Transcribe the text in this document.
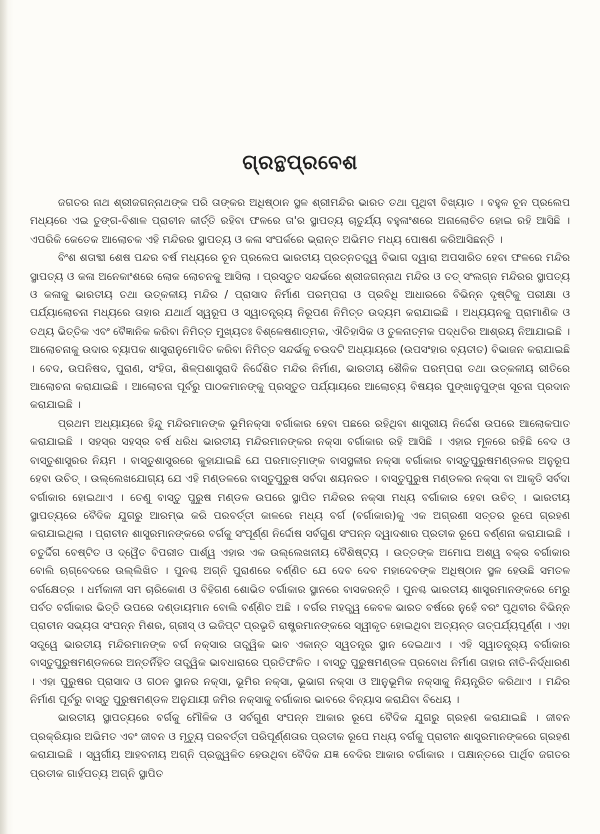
ଗ୍ରନ୍ଥପ୍ରବେଶ

ଜଗତର ନାଥ ଶ୍ରୀଜଗନ୍ନାଥଙ୍କ ପରି ତାଙ୍କର ଅଧିଷ୍ଠାନ ସ୍ଥଳ ଶ୍ରୀମନ୍ଦିର ଭାରତ ତଥା ପୃଥିବୀ ବିଖ୍ୟାତ । ବହୁଳ ଚୂନ ପ୍ରଲେପ ମଧ୍ୟରେ ଏଇ ତୁଙ୍ଗ-ବିଶାଳ ପ୍ରାଚୀନ କୀର୍ତ୍ତି ରହିବା ଫଳରେ ତା'ର ସ୍ଥାପତ୍ୟ ଚାତୁର୍ଯ୍ୟ ବହୁଳାଂଶରେ ଅନାଲୋଚିତ ହୋଇ ରହି ଆସିଛି । ଏପରିକି କେତେକ ଆଲୋଚକ ଏହି ମନ୍ଦିରର ସ୍ଥାପତ୍ୟ ଓ କଳା ସଂପର୍କରେ ଭ୍ରାନ୍ତ ଅଭିମତ ମଧ୍ୟ ପୋଷଣ କରିଆସିଛନ୍ତି ।

ବିଂଶ ଶତାବ୍ଦୀ ଶେଷ ପନ୍ଦର ବର୍ଷ ମଧ୍ୟରେ ଚୂନ ପ୍ରଲେପ ଭାରତୀୟ ପ୍ରତ୍ନତତ୍ତ୍ୱ ବିଭାଗ ଦ୍ୱାରା ଅପସାରିତ ହେବା ଫଳରେ ମନ୍ଦିର ସ୍ଥାପତ୍ୟ ଓ କଳା ଅନେକାଂଶରେ ଲୋକ ଲୋଚନକୁ ଆସିଲା । ପ୍ରସ୍ତୁତ ସନ୍ଦର୍ଭରେ ଶ୍ରୀଜଗନ୍ନାଥ ମନ୍ଦିର ଓ ତତ୍ ସଂଲଗ୍ନ ମନ୍ଦିରର ସ୍ଥାପତ୍ୟ ଓ କଳାକୁ ଭାରତୀୟ ତଥା ଉତ୍କଳୀୟ ମନ୍ଦିର / ପ୍ରାସାଦ ନିର୍ମାଣ ପରମ୍ପରା ଓ ପ୍ରବିଧି ଆଧାରରେ ବିଭିନ୍ନ ଦୃଷ୍ଟିକୁ ପରୀକ୍ଷା ଓ ପର୍ଯ୍ୟାଲୋଚନା ମଧ୍ୟରେ ତାହାର ଯଥାର୍ଥ ସ୍ୱରୂପ ଓ ସ୍ୱାତନ୍ତ୍ର୍ୟ ନିରୂପଣ ନିମିତ୍ତ ଉଦ୍ୟମ କରାଯାଇଛି । ଅଧ୍ୟୟନକୁ ପ୍ରାମାଣିକ ଓ ତଥ୍ୟ ଭିତ୍ତିକ ଏବଂ ବୈଜ୍ଞାନିକ କରିବା ନିମିତ୍ତ ମୁଖ୍ୟତଃ ବିଶ୍ଳେଷଣାତ୍ମକ, ଐତିହାସିକ ଓ ତୁଳନାତ୍ମକ ପଦ୍ଧତିର ଆଶ୍ରୟ ନିଆଯାଇଛି । ଆଲୋଚନାକୁ ଉଦାର ବ୍ୟାପକ ଶାସ୍ତ୍ରାନୁମୋଦିତ କରିବା ନିମିତ୍ତ ସନ୍ଦର୍ଭକୁ ଚଉଦଟି ଅଧ୍ୟାୟରେ (ଉପସଂହାର ବ୍ୟତୀତ) ବିଭାଜନ କରାଯାଇଛି । ବେଦ, ଉପନିଷଦ, ପୁରାଣ, ସଂହିତା, ଶିଳ୍ପଶାସ୍ତ୍ରାଦି ନିର୍ଦ୍ଦେଶିତ ମନ୍ଦିର ନିର୍ମାଣ, ଭାରତୀୟ ଶୈଳିକ ପରମ୍ପରା ତଥା ଉତ୍କଳୀୟ ରୀତିରେ ଆଲୋଚନା କରାଯାଇଛି । ଆଲୋଚନା ପୂର୍ବରୁ ପାଠକମାନଙ୍କୁ ପ୍ରସ୍ତୁତ ପର୍ଯ୍ୟାୟରେ ଆଲୋଚ୍ୟ ବିଷୟର ପୁଙ୍ଖାନୁପୁଙ୍ଖ ସୂଚନା ପ୍ରଦାନ କରାଯାଇଛି ।

ପ୍ରଥମ ଅଧ୍ୟାୟରେ ହିନ୍ଦୁ ମନ୍ଦିରମାନଙ୍କ ଭୂମିନକ୍ସା ବର୍ଗାକାର ହେବା ପଛରେ ରହିଥିବା ଶାସ୍ତ୍ରୀୟ ନିର୍ଦ୍ଦେଶ ଉପରେ ଆଲୋକପାତ କରାଯାଇଛି । ସହସ୍ର ସହସ୍ର ବର୍ଷ ଧରିଧ ଭାରତୀୟ ମନ୍ଦିରମାନଙ୍କର ନକ୍ସା ବର୍ଗାକାର ରହି ଆସିଛି । ଏହାର ମୂଳରେ ରହିଛି ବେଦ ଓ ବାସ୍ତୁଶାସ୍ତ୍ରର ନିୟମ । ବାସ୍ତୁଶାସ୍ତ୍ରରେ କୁହାଯାଇଛି ଯେ ପରମାତ୍ମାଙ୍କ ବାସସ୍ଥଳୀର ନକ୍ସା ବର୍ଗାକାର ବାସ୍ତୁପୁରୁଷମଣ୍ଡଳର ଅନୁରୂପ ହେବା ଉଚିତ୍ । ଉଲ୍ଲେଖଯୋଗ୍ୟ ଯେ ଏହି ମଣ୍ଡଳରେ ବାସ୍ତୁପୁରୁଷ ସର୍ବଦା ଶୟନରତ । ବାସ୍ତୁପୁରୁଷ ମଣ୍ଡଳର ନକ୍ସା ବା ଆକୃତି ସର୍ବଦା ବର୍ଗାକାର ହୋଇଥାଏ । ତେଣୁ ବାସ୍ତୁ ପୁରୁଷ ମଣ୍ଡଳ ଉପରେ ସ୍ଥାପିତ ମନ୍ଦିରର ନକ୍ସା ମଧ୍ୟ ବର୍ଗାକାର ହେବା ଉଚିତ୍ । ଭାରତୀୟ ସ୍ଥାପତ୍ୟରେ ବୈଦିକ ଯୁଗରୁ ଆରମ୍ଭ କରି ପରବର୍ତ୍ତୀ କାଳରେ ମଧ୍ୟ ବର୍ଗ (ବର୍ଗାକାର)କୁ ଏକ ଅଗ୍ରଣୀ ସତ୍ତର ରୂପେ ଗ୍ରହଣ କରାଯାଇଥିଲା । ପ୍ରାଚୀନ ଶାସ୍ତ୍ରମାନଙ୍କରେ ବର୍ଗକୁ ସଂପୂର୍ଣ୍ଣ ନିର୍ଦ୍ଦୋଷ ସର୍ବଗୁଣ ସଂପନ୍ନ ଦ୍ୱାଦଶାର ପ୍ରତୀକ ରୂପେ ବର୍ଣ୍ଣନା କରାଯାଇଛି । ଚତୁର୍ଦ୍ଦିଗ ବେଷ୍ଟିତ ଓ ଦ୍ୱୈତ ବିପରୀତ ପାର୍ଶ୍ୱ ଏହାର ଏକ ଉଲ୍ଲେଖନୀୟ ବୈଶିଷ୍ଟ୍ୟ । ଉତ୍ତଙ୍କ ଅମୋଘ ଅଶ୍ୱ ବକ୍ର ବର୍ଗାକାର ବୋଲି ଋଗ୍‌ବେଦରେ ଉଲ୍ଲିଖିତ । ପୁନଶ୍ଚ ଅଗ୍ନି ପୁରାଣରେ ବର୍ଣ୍ଣିତ ଯେ ଦେବ ଦେବ ମହାଦେବଙ୍କ ଅଧିଷ୍ଠାନ ସ୍ଥଳ ହେଉଛି ସମତଳ ବର୍ଗକ୍ଷେତ୍ର । ଧର୍ମକାଳୀ ସମ ଚାରିକୋଣ ଓ ବିହିଗଣ ଶୋଭିତ ବର୍ଗାକାର ସ୍ଥାନରେ ବାସକରନ୍ତି । ପୁନଶ୍ଚ ଭାରତୀୟ ଶାସ୍ତ୍ରମାନଙ୍କରେ ମେରୁ ପର୍ବତ ବର୍ଗାକାର ଭିତ୍ତି ଉପରେ ଦଣ୍ଡାୟମାନ ବୋଲି ବର୍ଣ୍ଣିତ ଅଛି । ବର୍ଗର ମହତ୍ତ୍ୱ କେବଳ ଭାରତ ବର୍ଷରେ ନୁହେଁ ବରଂ ପୃଥିବୀର ବିଭିନ୍ନ ପ୍ରାଚୀନ ସଭ୍ୟତା ସଂପନ୍ନ ମିଶର, ଗ୍ରୀସ୍ ଓ ଇଜିପ୍ଟ ପ୍ରଭୃତି ରାଷ୍ଟ୍ରମାନଙ୍କରେ ସ୍ୱୀକୃତ ହୋଇଥିବା ଅତ୍ୟନ୍ତ ତାତ୍ପର୍ଯ୍ୟପୂର୍ଣ୍ଣ । ଏହା ସତ୍ତ୍ୱେ ଭାରତୀୟ ମନ୍ଦିରମାନଙ୍କ ବର୍ଗ ନକ୍ସାର ତାତ୍ତ୍ୱିକ ଭାବ ଏକାନ୍ତ ସ୍ୱତନ୍ତ୍ର ସ୍ଥାନ ଦେଇଥାଏ । ଏହି ସ୍ୱାତନ୍ତ୍ର୍ୟ ବର୍ଗାକାର ବାସ୍ତୁପୁରୁଷମଣ୍ଡଳରେ ଅନ୍ତର୍ନିହିତ ତାତ୍ତ୍ୱିକ ଭାବଧାରାରେ ପ୍ରତିଫଳିତ । ବାସ୍ତୁ ପୁରୁଷମଣ୍ଡଳ ପ୍ରବୋଧ ନିର୍ମାଣ ତାହାର ନୀତି-ନିର୍ଦ୍ଧାରଣ । ଏହା ପୁରୁଷର ପ୍ରାସାଦ ଓ ଗଠନ ସ୍ଥାନର ନକ୍ସା, ଭୂମିର ନକ୍ସା, ଭୂଭାଗ ନକ୍ସା ଓ ଆନୁଭୂମିକ ନକ୍ସାକୁ ନିୟନ୍ତ୍ରିତ କରିଥାଏ । ମନ୍ଦିର ନିର୍ମାଣ ପୂର୍ବରୁ ବାସ୍ତୁ ପୁରୁଷମଣ୍ଡଳ ଅନୁଯାୟୀ ଜମିର ନକ୍ସାକୁ ବର୍ଗାକାର ଭାବରେ ବିନ୍ୟାସ କରାଯିବା ବିଧେୟ ।

ଭାରତୀୟ ସ୍ଥାପତ୍ୟରେ ବର୍ଗକୁ ମୌଳିକ ଓ ସର୍ବଗୁଣ ସଂପନ୍ନ ଆକାର ରୂପେ ବୈଦିକ ଯୁଗରୁ ଗ୍ରହଣ କରାଯାଇଛି । ଜୀବନ ପ୍ରକ୍ରିୟାର ଅଭିମତ ଏବଂ ଜୀବନ ଓ ମୃତ୍ୟୁ ପରବର୍ତ୍ତୀ ପରିପୂର୍ଣ୍ଣତାର ପ୍ରତୀକ ରୂପେ ମଧ୍ୟ ବର୍ଗକୁ ପ୍ରାଚୀନ ଶାସ୍ତ୍ରମାନଙ୍କରେ ଗ୍ରହଣ କରାଯାଇଛି । ସ୍ୱର୍ଗୀୟ ଆହବନୀୟ ଅଗ୍ନି ପ୍ରଜ୍ଜ୍ୱଳିତ ହେଉଥିବା ବୈଦିକ ଯଜ୍ଞ ବେଦିର ଆକାର ବର୍ଗାକାର । ପକ୍ଷାନ୍ତରେ ପାର୍ଥିବ ଜଗତର ପ୍ରତୀକ ଗାର୍ହପତ୍ୟ ଅଗ୍ନି ସ୍ଥାପିତ
